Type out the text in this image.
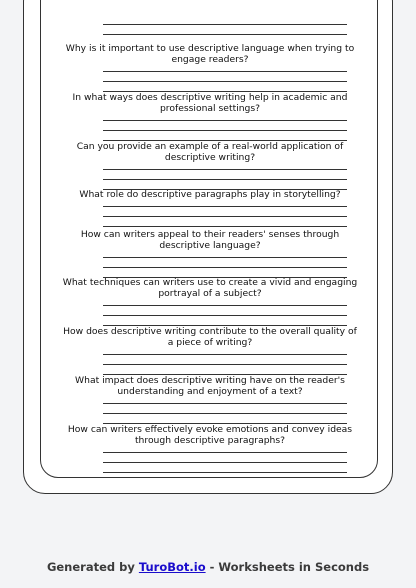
Why is it important to use descriptive language when trying to engage readers?
In what ways does descriptive writing help in academic and professional settings?
Can you provide an example of a real-world application of descriptive writing?
What role do descriptive paragraphs play in storytelling?
How can writers appeal to their readers' senses through descriptive language?
What techniques can writers use to create a vivid and engaging portrayal of a subject?
How does descriptive writing contribute to the overall quality of a piece of writing?
What impact does descriptive writing have on the reader's understanding and enjoyment of a text?
How can writers effectively evoke emotions and convey ideas through descriptive paragraphs?
Generated by TuroBot.io - Worksheets in Seconds
